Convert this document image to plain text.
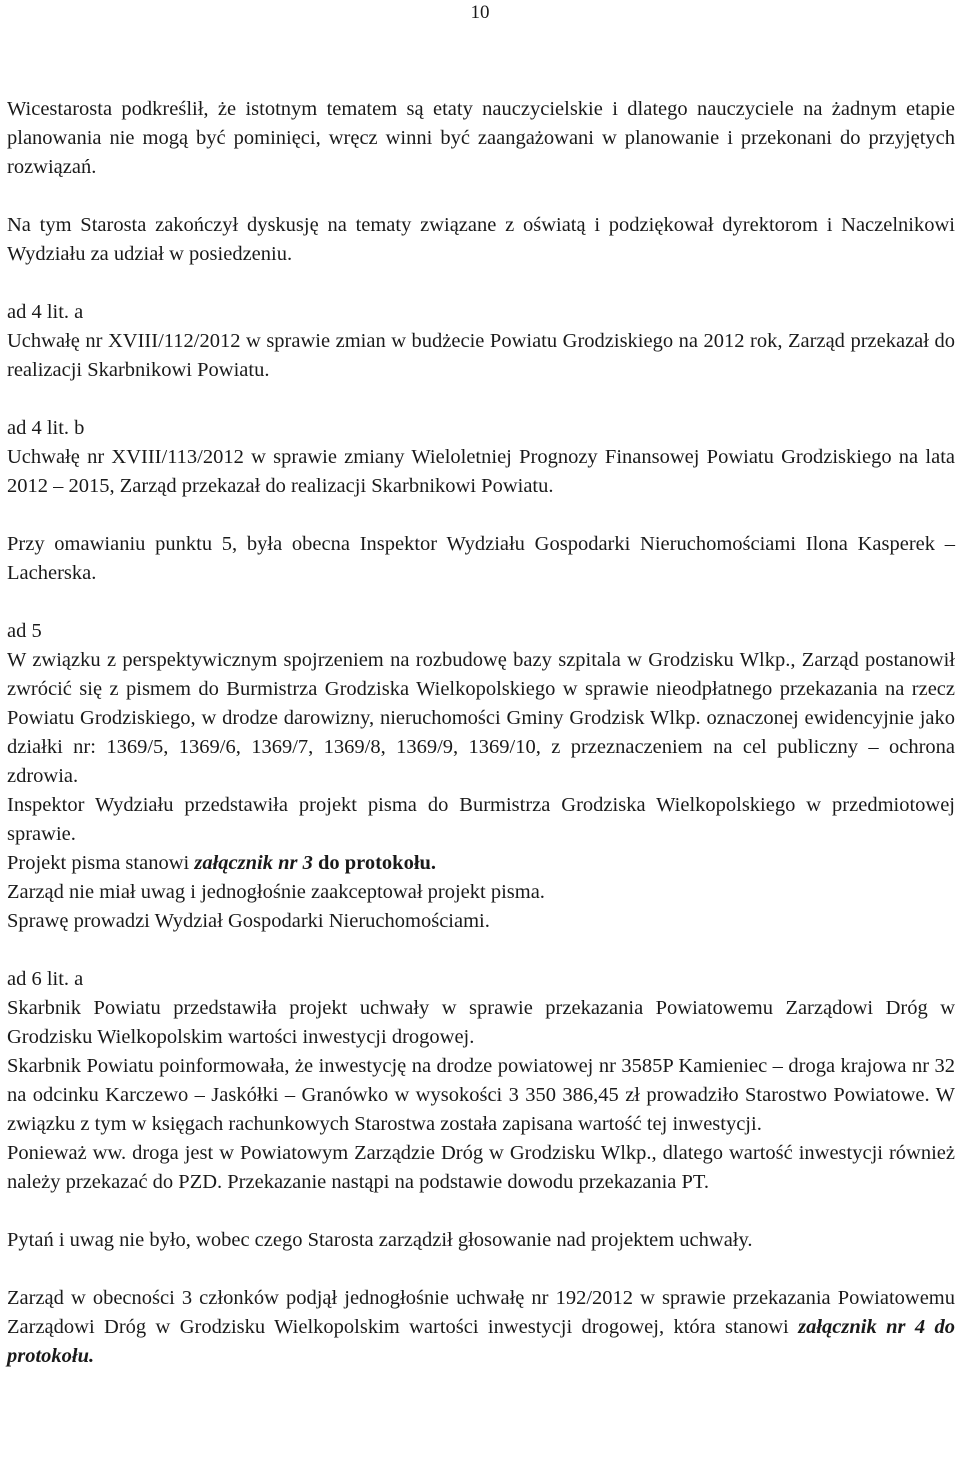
10

Wicestarosta podkreślił, że istotnym tematem są etaty nauczycielskie i dlatego nauczyciele na żadnym etapie planowania nie mogą być pominięci, wręcz winni być zaangażowani w planowanie i przekonani do przyjętych rozwiązań.

Na tym Starosta zakończył dyskusję na tematy związane z oświatą i podziękował dyrektorom i Naczelnikowi Wydziału za udział w posiedzeniu.

ad 4 lit. a

Uchwałę nr XVIII/112/2012 w sprawie zmian w budżecie Powiatu Grodziskiego na 2012 rok, Zarząd przekazał do realizacji Skarbnikowi Powiatu.

ad 4 lit. b

Uchwałę nr XVIII/113/2012 w sprawie zmiany Wieloletniej Prognozy Finansowej Powiatu Grodziskiego na lata 2012 – 2015, Zarząd przekazał do realizacji Skarbnikowi Powiatu.

Przy omawianiu punktu 5, była obecna Inspektor Wydziału Gospodarki Nieruchomościami Ilona Kasperek – Lacherska.

ad 5

W związku z perspektywicznym spojrzeniem na rozbudowę bazy szpitala w Grodzisku Wlkp., Zarząd postanowił zwrócić się z pismem do Burmistrza Grodziska Wielkopolskiego w sprawie nieodpłatnego przekazania na rzecz Powiatu Grodziskiego, w drodze darowizny, nieruchomości Gminy Grodzisk Wlkp. oznaczonej ewidencyjnie jako działki nr: 1369/5, 1369/6, 1369/7, 1369/8, 1369/9, 1369/10, z przeznaczeniem na cel publiczny – ochrona zdrowia.

Inspektor Wydziału przedstawiła projekt pisma do Burmistrza Grodziska Wielkopolskiego w przedmiotowej sprawie.

Projekt pisma stanowi załącznik nr 3 do protokołu.

Zarząd nie miał uwag i jednogłośnie zaakceptował projekt pisma.

Sprawę prowadzi Wydział Gospodarki Nieruchomościami.

ad 6 lit. a

Skarbnik Powiatu przedstawiła projekt uchwały w sprawie przekazania Powiatowemu Zarządowi Dróg w Grodzisku Wielkopolskim wartości inwestycji drogowej.

Skarbnik Powiatu poinformowała, że inwestycję na drodze powiatowej nr 3585P Kamieniec – droga krajowa nr 32 na odcinku Karczewo – Jaskółki – Granówko w wysokości 3 350 386,45 zł prowadziło Starostwo Powiatowe. W związku z tym w księgach rachunkowych Starostwa została zapisana wartość tej inwestycji.

Ponieważ ww. droga jest w Powiatowym Zarządzie Dróg w Grodzisku Wlkp., dlatego wartość inwestycji również należy przekazać do PZD. Przekazanie nastąpi na podstawie dowodu przekazania PT.

Pytań i uwag nie było, wobec czego Starosta zarządził głosowanie nad projektem uchwały.

Zarząd w obecności 3 członków podjął jednogłośnie uchwałę nr 192/2012 w sprawie przekazania Powiatowemu Zarządowi Dróg w Grodzisku Wielkopolskim wartości inwestycji drogowej, która stanowi załącznik nr 4 do protokołu.
